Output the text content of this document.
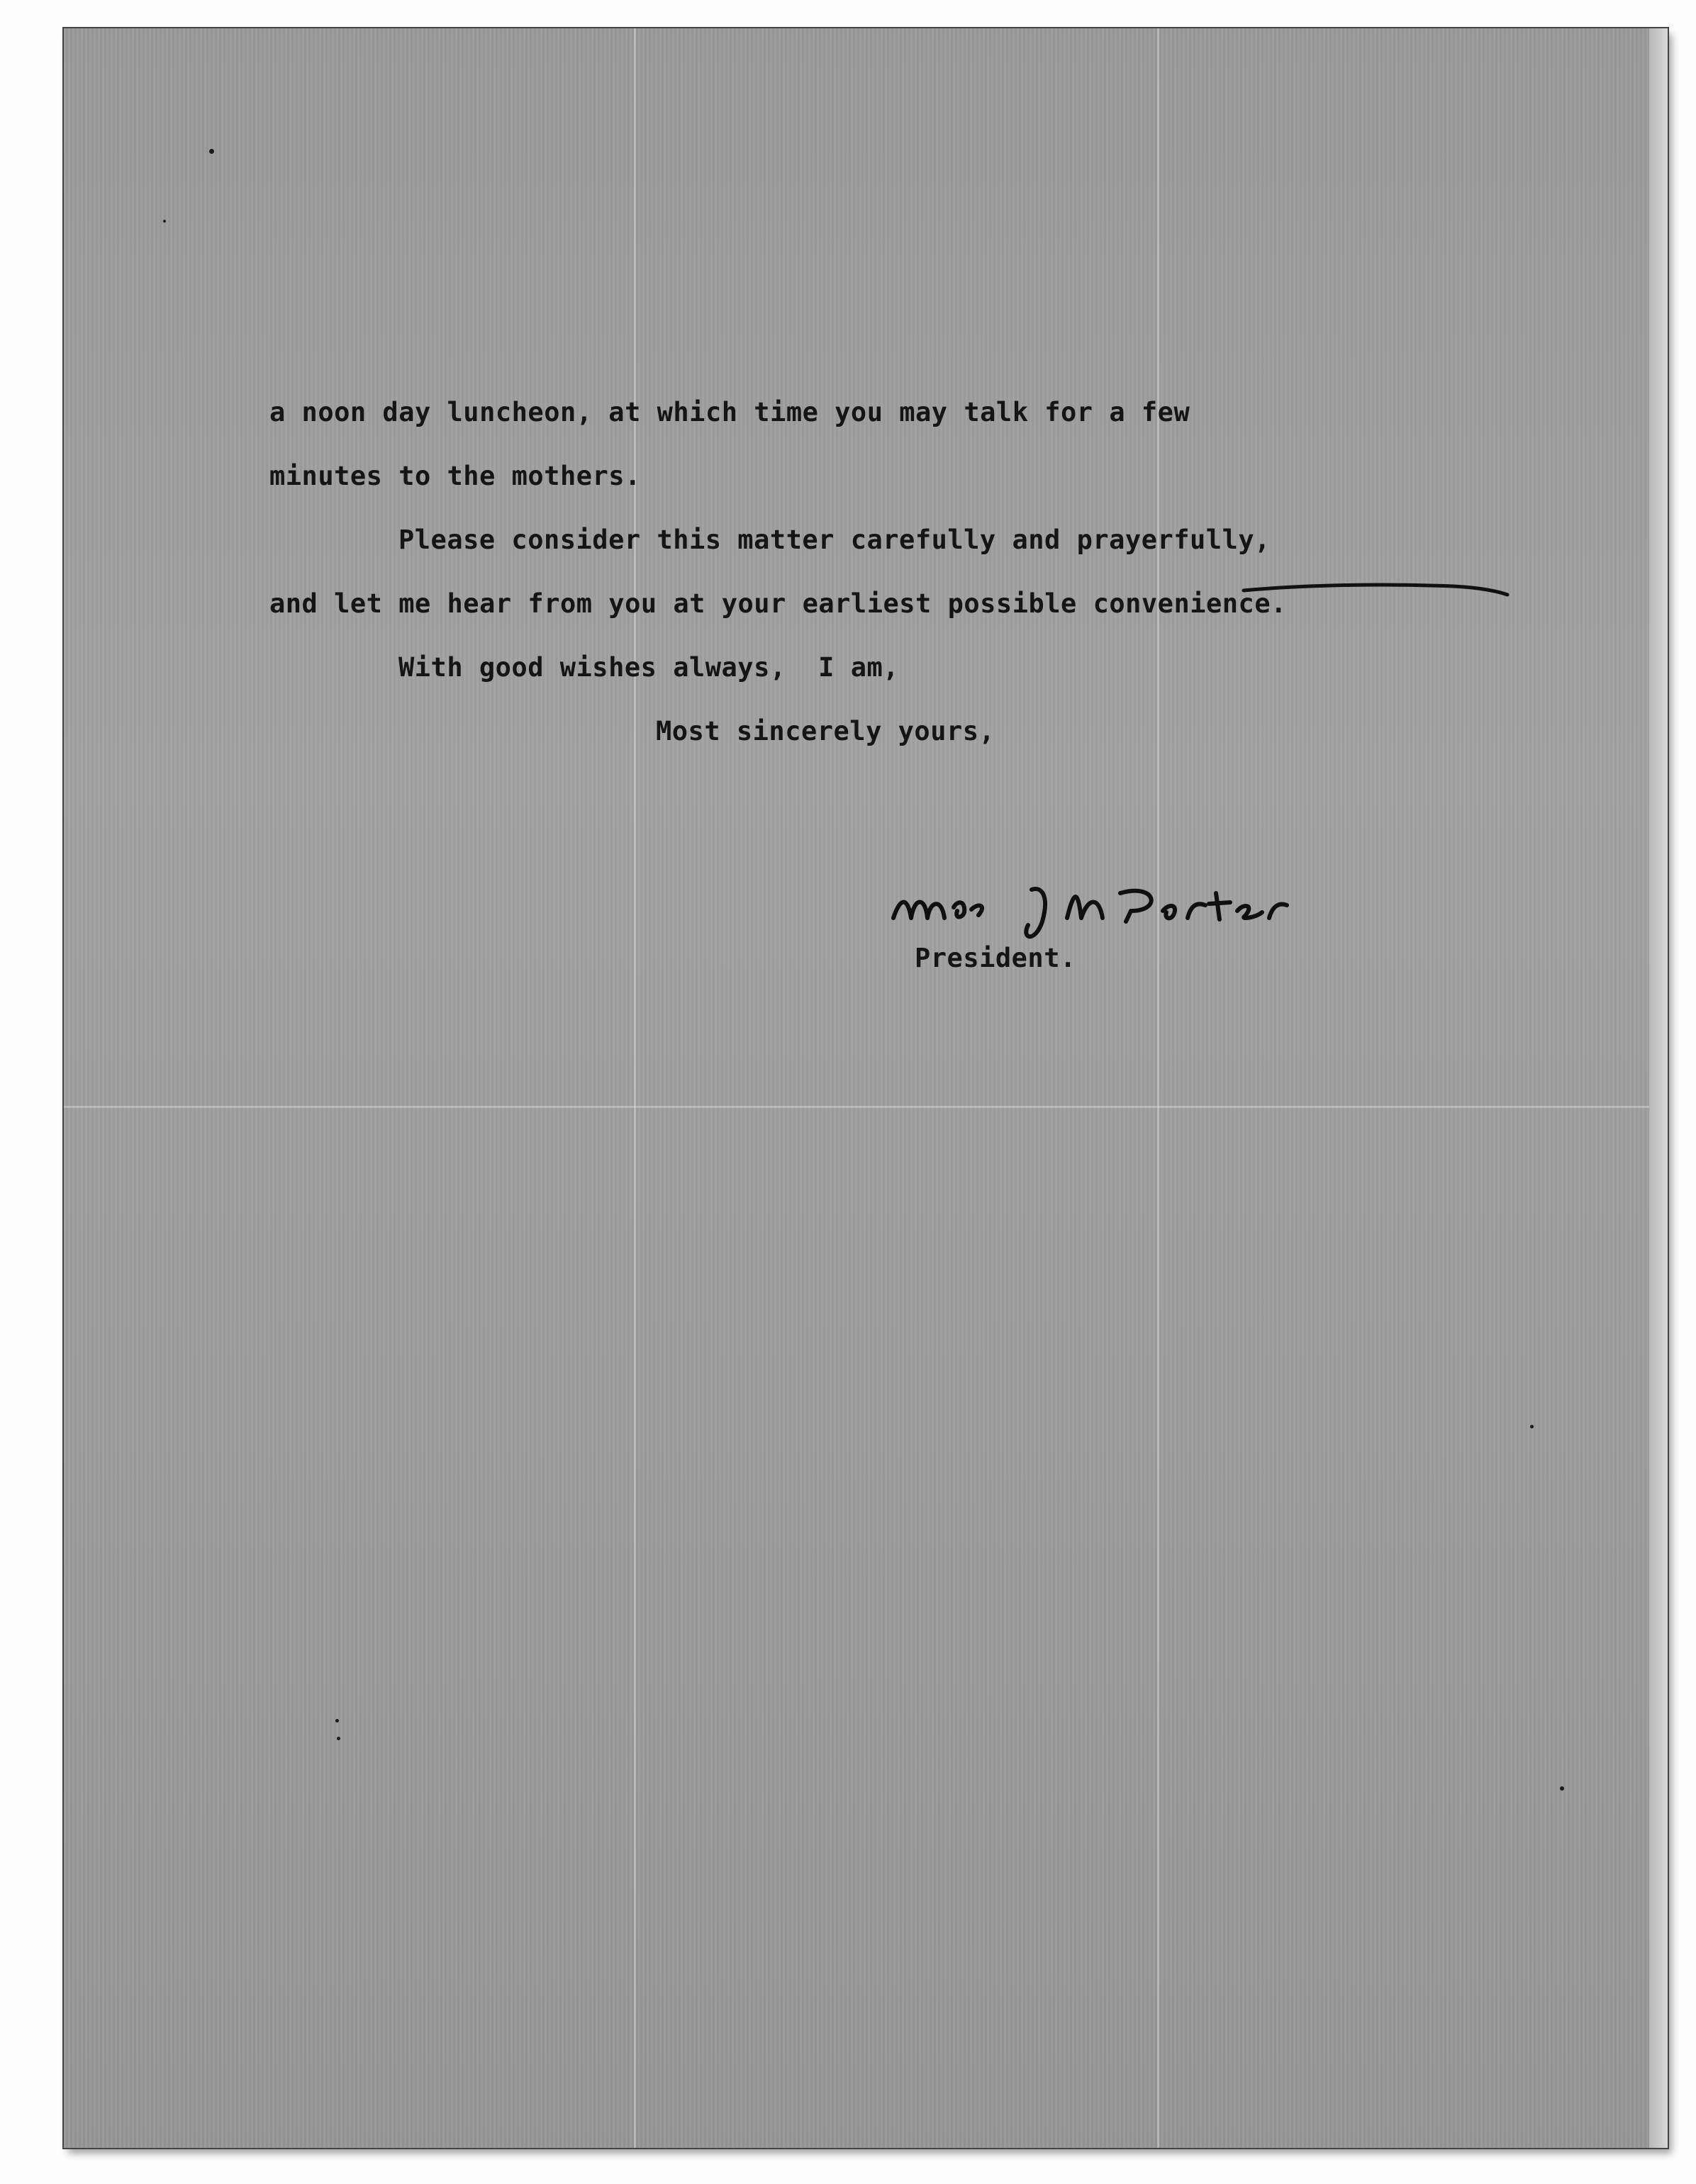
a noon day luncheon, at which time you may talk for a few
minutes to the mothers.
Please consider this matter carefully and prayerfully,
and let me hear from you at your earliest possible convenience.
With good wishes always,  I am,
Most sincerely yours,
President.
